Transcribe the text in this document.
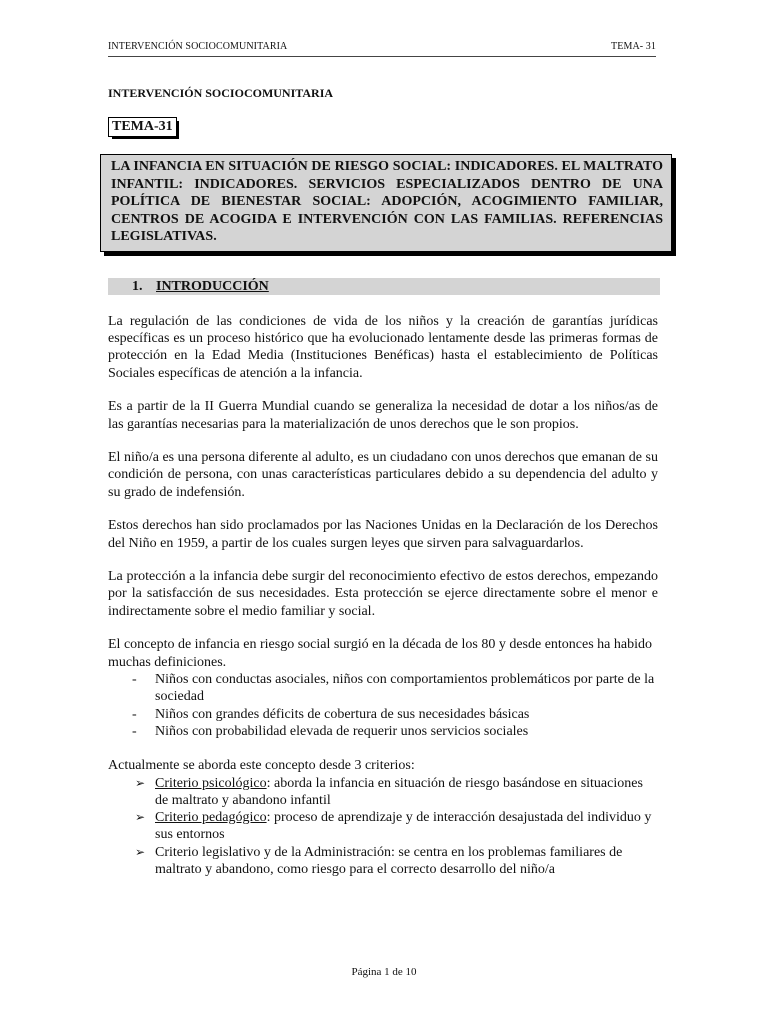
INTERVENCIÓN SOCIOCOMUNITARIA	TEMA- 31
INTERVENCIÓN SOCIOCOMUNITARIA
TEMA-31
LA INFANCIA EN SITUACIÓN DE RIESGO SOCIAL: INDICADORES. EL MALTRATO INFANTIL: INDICADORES. SERVICIOS ESPECIALIZADOS DENTRO DE UNA POLÍTICA DE BIENESTAR SOCIAL: ADOPCIÓN, ACOGIMIENTO FAMILIAR, CENTROS DE ACOGIDA E INTERVENCIÓN CON LAS FAMILIAS. REFERENCIAS LEGISLATIVAS.
1. INTRODUCCIÓN

La regulación de las condiciones de vida de los niños y la creación de garantías jurídicas específicas es un proceso histórico que ha evolucionado lentamente desde las primeras formas de protección en la Edad Media (Instituciones Benéficas) hasta el establecimiento de Políticas Sociales específicas de atención a la infancia.

Es a partir de la II Guerra Mundial cuando se generaliza la necesidad de dotar a los niños/as de las garantías necesarias para la materialización de unos derechos que le son propios.

El niño/a es una persona diferente al adulto, es un ciudadano con unos derechos que emanan de su condición de persona, con unas características particulares debido a su dependencia del adulto y su grado de indefensión.

Estos derechos han sido proclamados por las Naciones Unidas en la Declaración de los Derechos del Niño en 1959, a partir de los cuales surgen leyes que sirven para salvaguardarlos.

La protección a la infancia debe surgir del reconocimiento efectivo de estos derechos, empezando por la satisfacción de sus necesidades. Esta protección se ejerce directamente sobre el menor e indirectamente sobre el medio familiar y social.

El concepto de infancia en riesgo social surgió en la década de los 80 y desde entonces ha habido muchas definiciones.

- Niños con conductas asociales, niños con comportamientos problemáticos por parte de la sociedad
- Niños con grandes déficits de cobertura de sus necesidades básicas
- Niños con probabilidad elevada de requerir unos servicios sociales

Actualmente se aborda este concepto desde 3 criterios:

➢ Criterio psicológico: aborda la infancia en situación de riesgo basándose en situaciones de maltrato y abandono infantil
➢ Criterio pedagógico: proceso de aprendizaje y de interacción desajustada del individuo y sus entornos
➢ Criterio legislativo y de la Administración: se centra en los problemas familiares de maltrato y abandono, como riesgo para el correcto desarrollo del niño/a
Página 1 de 10
